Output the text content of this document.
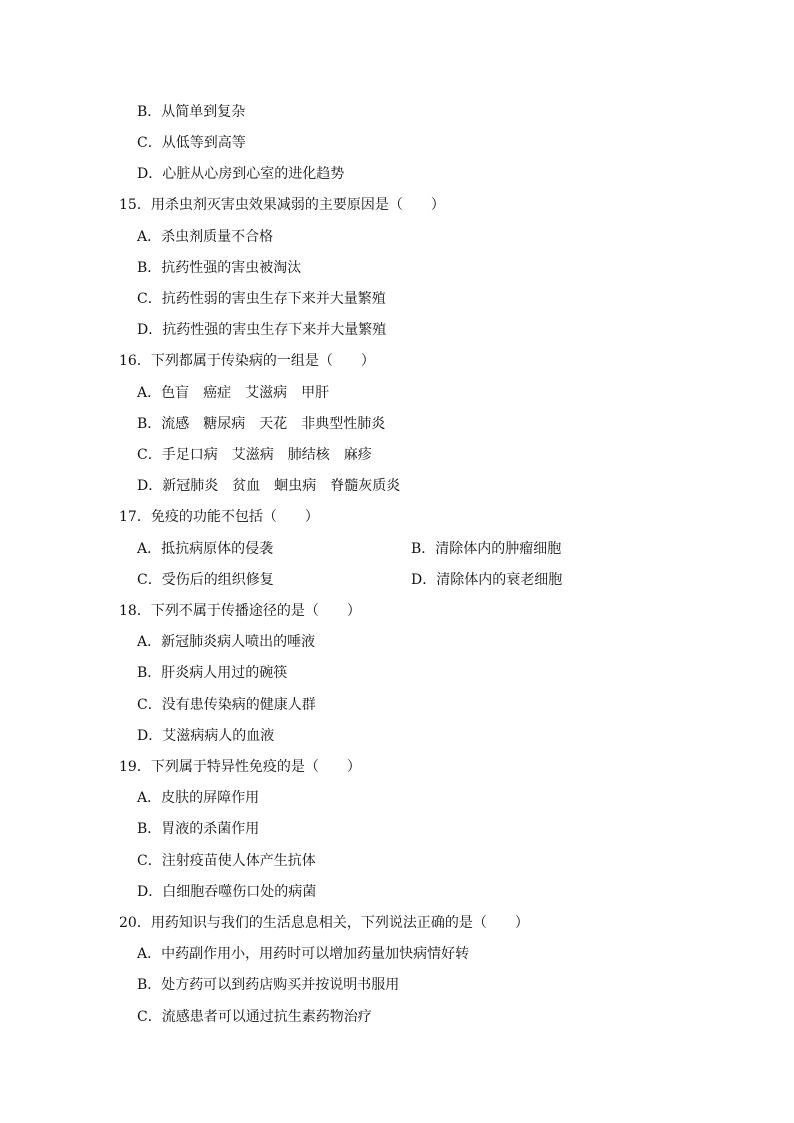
B．从简单到复杂
C．从低等到高等
D．心脏从心房到心室的进化趋势
15．用杀虫剂灭害虫效果减弱的主要原因是（　　）
A．杀虫剂质量不合格
B．抗药性强的害虫被淘汰
C．抗药性弱的害虫生存下来并大量繁殖
D．抗药性强的害虫生存下来并大量繁殖
16．下列都属于传染病的一组是（　　）
A．色盲　癌症　艾滋病　甲肝
B．流感　糖尿病　天花　非典型性肺炎
C．手足口病　艾滋病　肺结核　麻疹
D．新冠肺炎　贫血　蛔虫病　脊髓灰质炎
17．免疫的功能不包括（　　）
A．抵抗病原体的侵袭	B．清除体内的肿瘤细胞
C．受伤后的组织修复	D．清除体内的衰老细胞
18．下列不属于传播途径的是（　　）
A．新冠肺炎病人喷出的唾液
B．肝炎病人用过的碗筷
C．没有患传染病的健康人群
D．艾滋病病人的血液
19．下列属于特异性免疫的是（　　）
A．皮肤的屏障作用
B．胃液的杀菌作用
C．注射疫苗使人体产生抗体
D．白细胞吞噬伤口处的病菌
20．用药知识与我们的生活息息相关，下列说法正确的是（　　）
A．中药副作用小，用药时可以增加药量加快病情好转
B．处方药可以到药店购买并按说明书服用
C．流感患者可以通过抗生素药物治疗
